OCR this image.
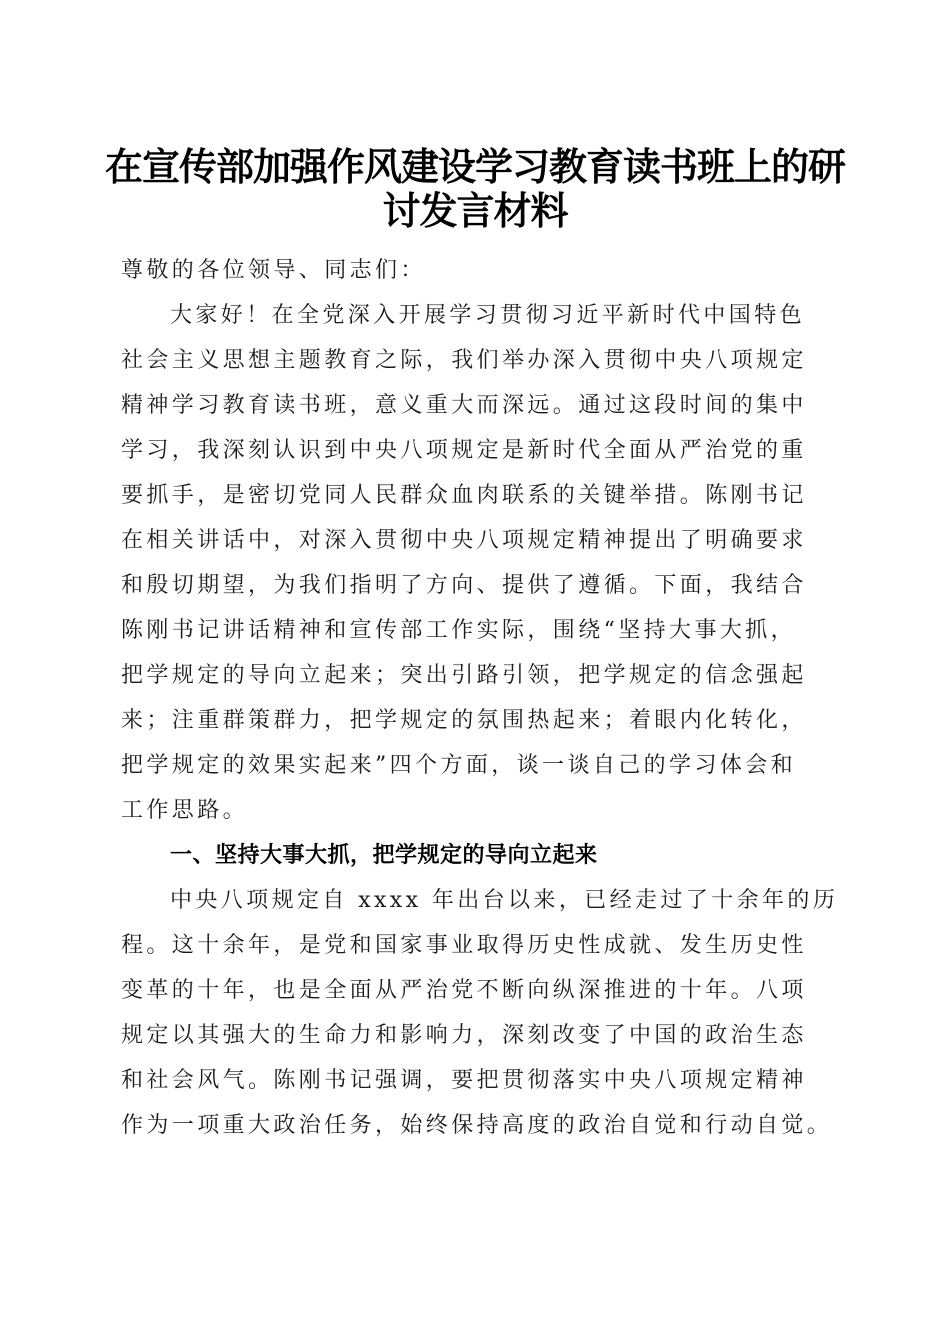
在宣传部加强作风建设学习教育读书班上的研
讨发言材料
尊敬的各位领导、同志们：
大家好！在全党深入开展学习贯彻习近平新时代中国特色
社会主义思想主题教育之际，我们举办深入贯彻中央八项规定
精神学习教育读书班，意义重大而深远。通过这段时间的集中
学习，我深刻认识到中央八项规定是新时代全面从严治党的重
要抓手，是密切党同人民群众血肉联系的关键举措。陈刚书记
在相关讲话中，对深入贯彻中央八项规定精神提出了明确要求
和殷切期望，为我们指明了方向、提供了遵循。下面，我结合
陈刚书记讲话精神和宣传部工作实际，围绕“坚持大事大抓，
把学规定的导向立起来；突出引路引领，把学规定的信念强起
来；注重群策群力，把学规定的氛围热起来；着眼内化转化，
把学规定的效果实起来”四个方面，谈一谈自己的学习体会和
工作思路。
一、坚持大事大抓，把学规定的导向立起来
中央八项规定自 xxxx 年出台以来，已经走过了十余年的历
程。这十余年，是党和国家事业取得历史性成就、发生历史性
变革的十年，也是全面从严治党不断向纵深推进的十年。八项
规定以其强大的生命力和影响力，深刻改变了中国的政治生态
和社会风气。陈刚书记强调，要把贯彻落实中央八项规定精神
作为一项重大政治任务，始终保持高度的政治自觉和行动自觉。
